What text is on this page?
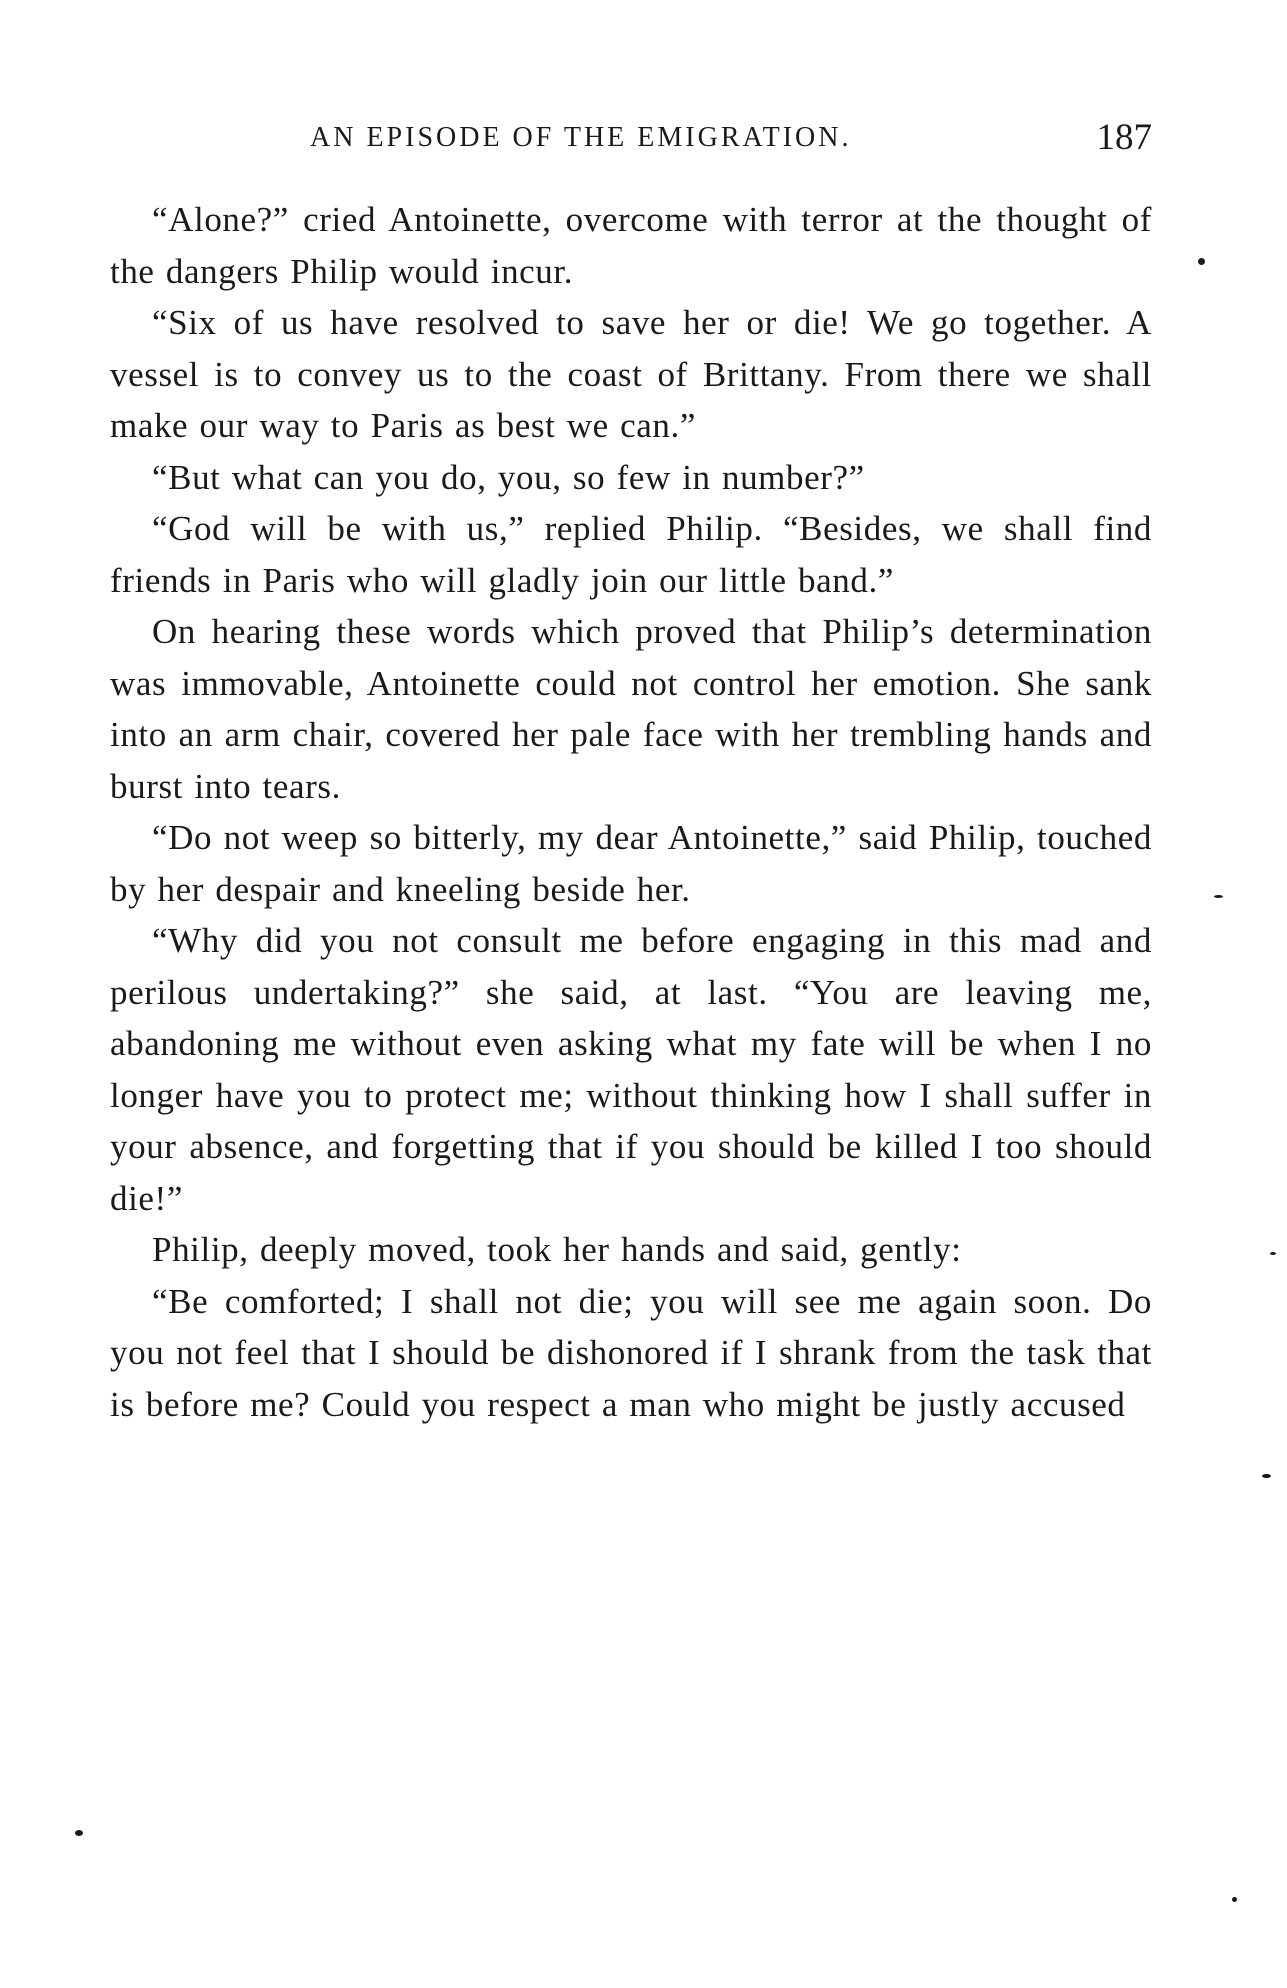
AN EPISODE OF THE EMIGRATION.	187

“Alone?” cried Antoinette, overcome with terror at the thought of the dangers Philip would incur.

“Six of us have resolved to save her or die! We go together. A vessel is to convey us to the coast of Brittany. From there we shall make our way to Paris as best we can.”

“But what can you do, you, so few in number?”

“God will be with us,” replied Philip. “Besides, we shall find friends in Paris who will gladly join our little band.”

On hearing these words which proved that Philip’s determination was immovable, Antoinette could not control her emotion. She sank into an arm chair, covered her pale face with her trembling hands and burst into tears.

“Do not weep so bitterly, my dear Antoinette,” said Philip, touched by her despair and kneeling beside her.

“Why did you not consult me before engaging in this mad and perilous undertaking?” she said, at last. “You are leaving me, abandoning me without even asking what my fate will be when I no longer have you to protect me; without thinking how I shall suffer in your absence, and forgetting that if you should be killed I too should die!”

Philip, deeply moved, took her hands and said, gently:

“Be comforted; I shall not die; you will see me again soon. Do you not feel that I should be dishonored if I shrank from the task that is before me? Could you respect a man who might be justly accused
